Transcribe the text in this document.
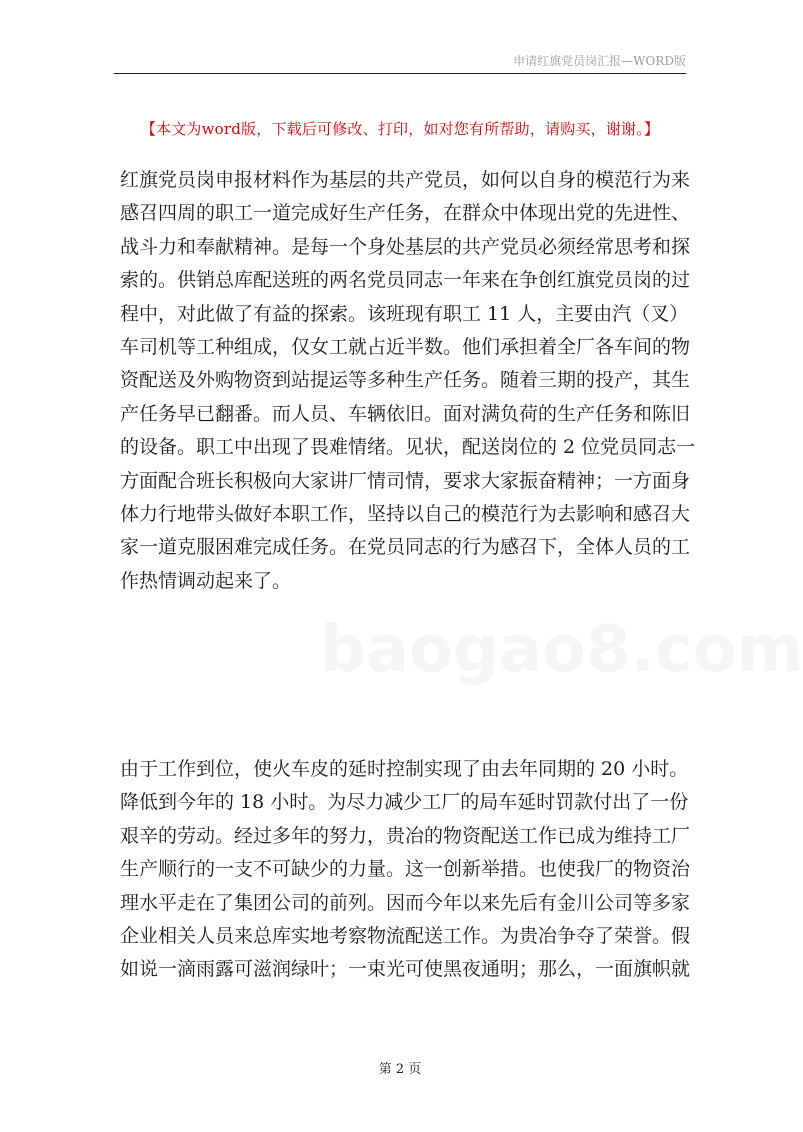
申请红旗党员岗汇报—WORD版
【本文为word版，下载后可修改、打印，如对您有所帮助，请购买，谢谢。】
baogao8.com
红旗党员岗申报材料作为基层的共产党员，如何以自身的模范行为来
感召四周的职工一道完成好生产任务，在群众中体现出党的先进性、
战斗力和奉献精神。是每一个身处基层的共产党员必须经常思考和探
索的。供销总库配送班的两名党员同志一年来在争创红旗党员岗的过
程中，对此做了有益的探索。该班现有职工 11 人，主要由汽（叉）
车司机等工种组成，仅女工就占近半数。他们承担着全厂各车间的物
资配送及外购物资到站提运等多种生产任务。随着三期的投产，其生
产任务早已翻番。而人员、车辆依旧。面对满负荷的生产任务和陈旧
的设备。职工中出现了畏难情绪。见状，配送岗位的 2 位党员同志一
方面配合班长积极向大家讲厂情司情，要求大家振奋精神；一方面身
体力行地带头做好本职工作，坚持以自己的模范行为去影响和感召大
家一道克服困难完成任务。在党员同志的行为感召下，全体人员的工
作热情调动起来了。
由于工作到位，使火车皮的延时控制实现了由去年同期的 20 小时。
降低到今年的 18 小时。为尽力减少工厂的局车延时罚款付出了一份
艰辛的劳动。经过多年的努力，贵冶的物资配送工作已成为维持工厂
生产顺行的一支不可缺少的力量。这一创新举措。也使我厂的物资治
理水平走在了集团公司的前列。因而今年以来先后有金川公司等多家
企业相关人员来总库实地考察物流配送工作。为贵冶争夺了荣誉。假
如说一滴雨露可滋润绿叶；一束光可使黑夜通明；那么，一面旗帜就
第 2 页
